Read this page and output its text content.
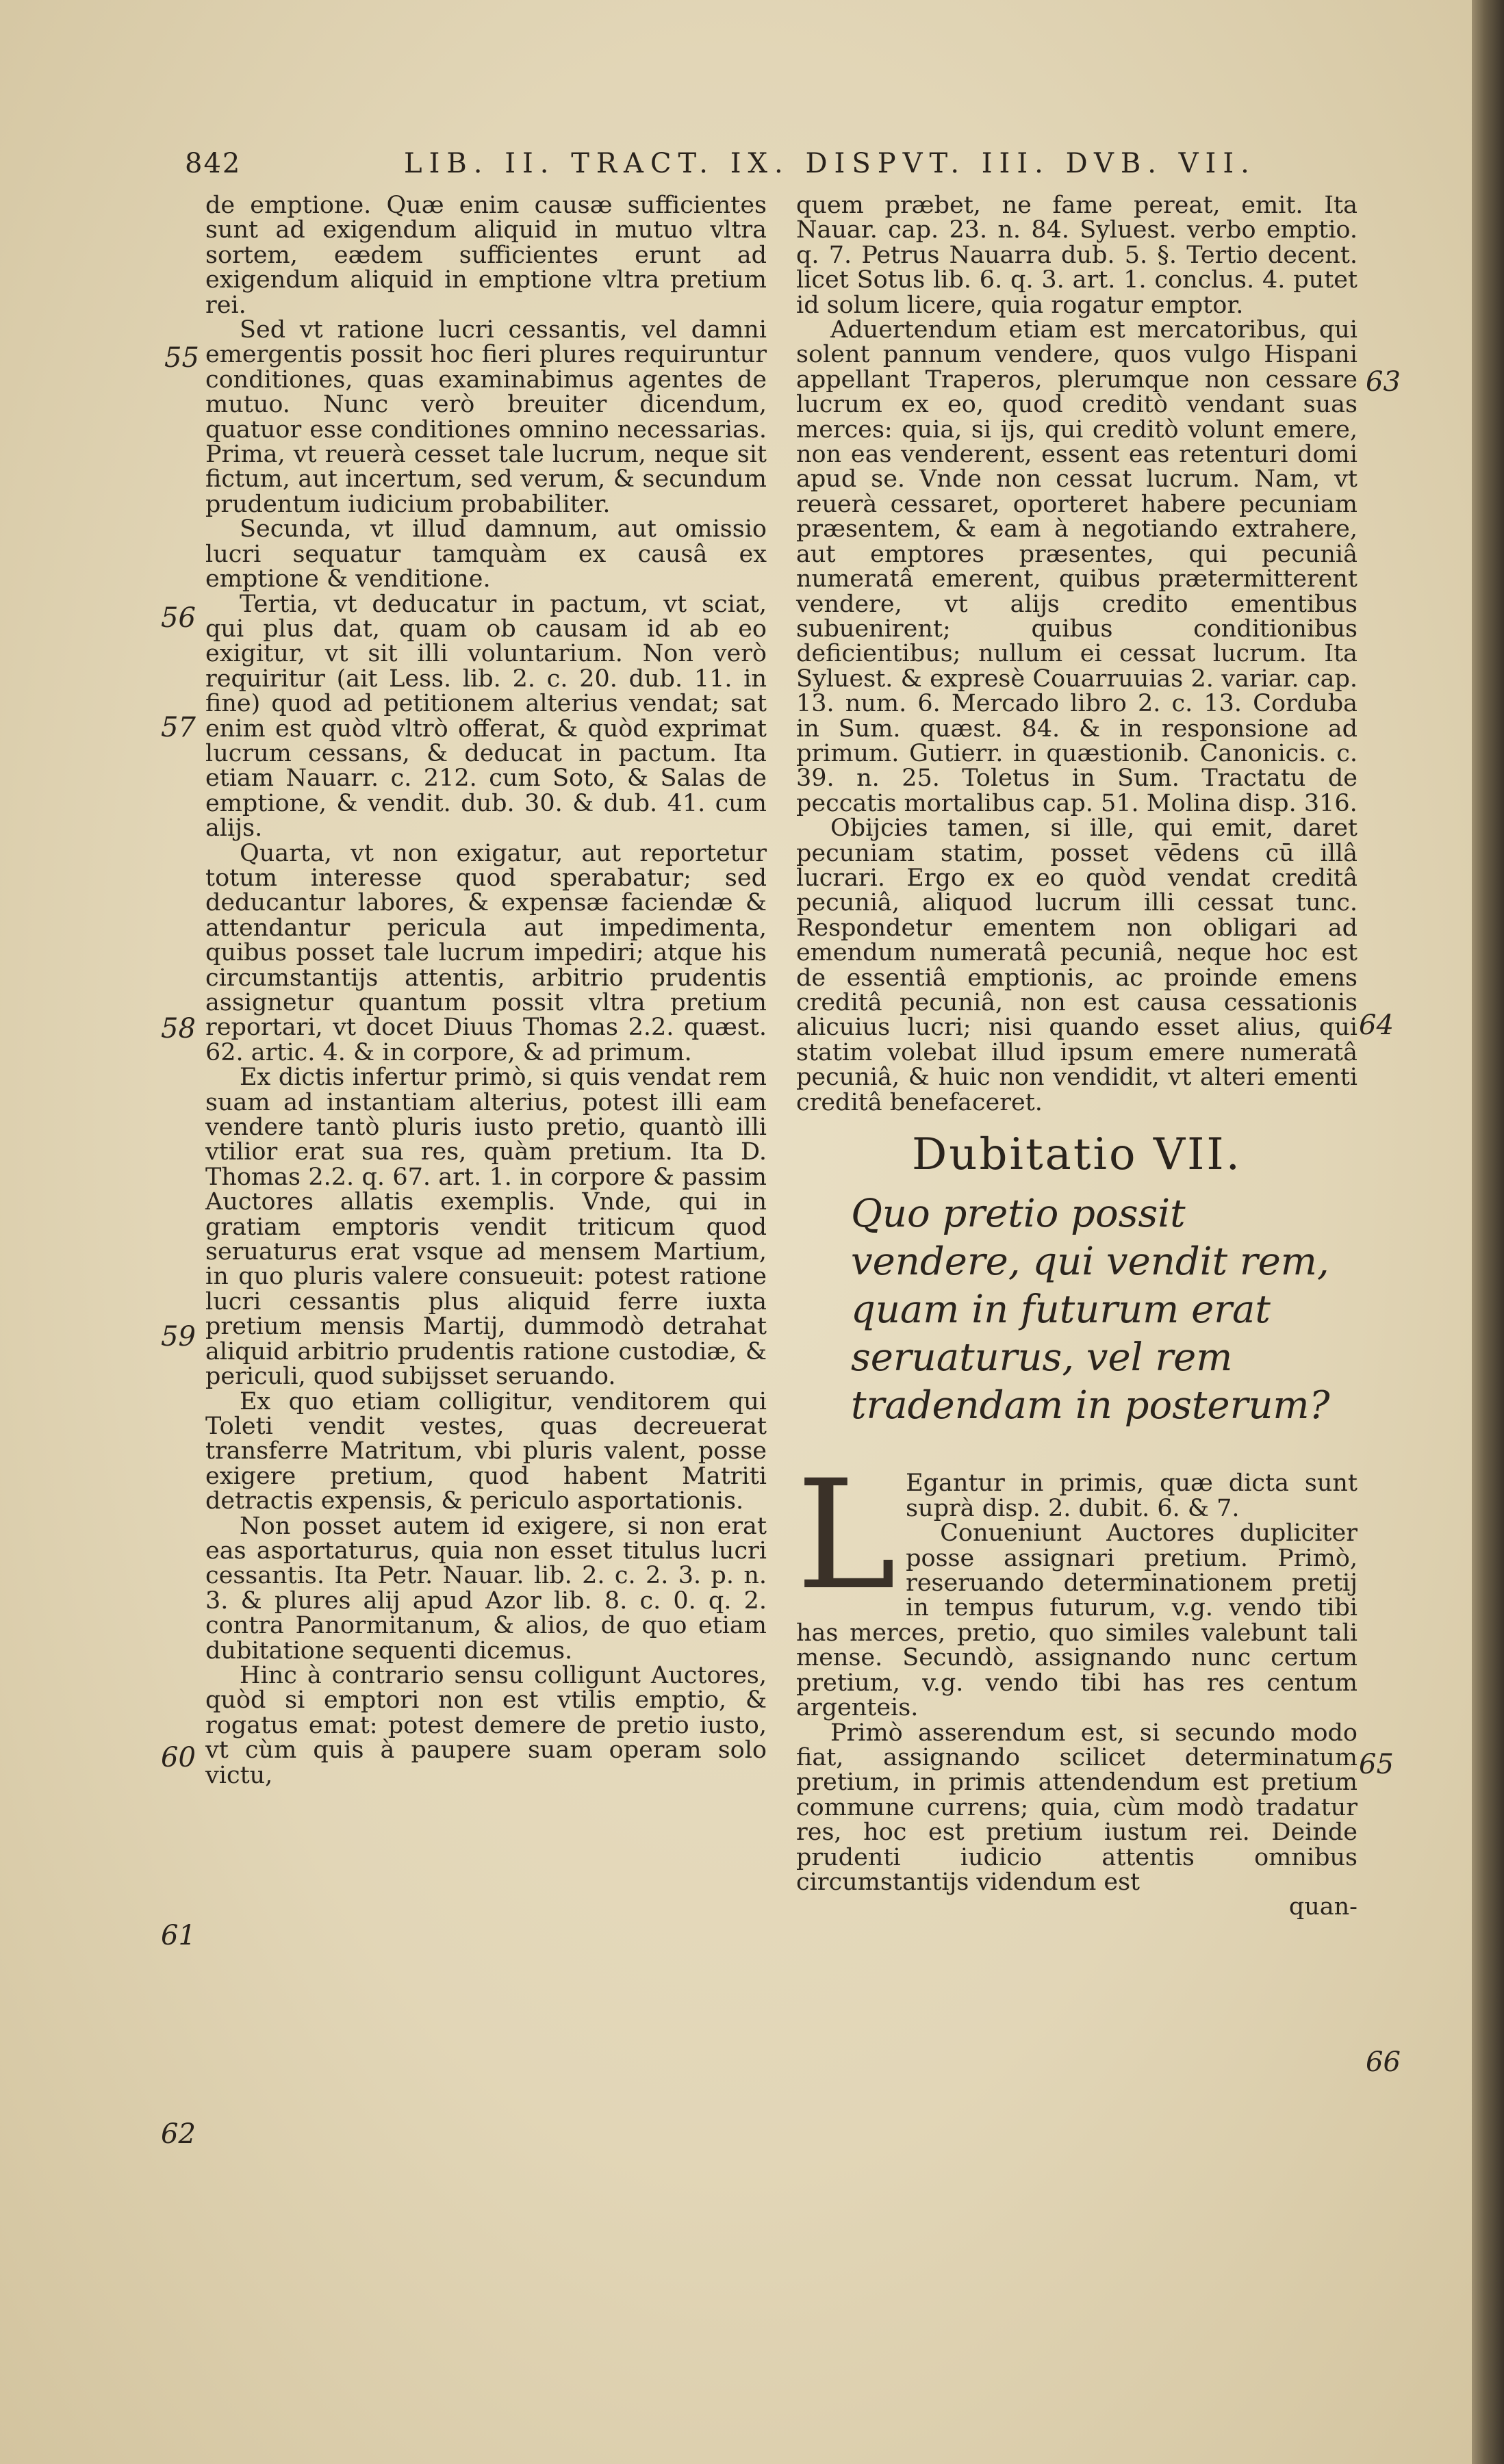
842	LIB. II. TRACT. IX. DISPVT. III. DVB. VII.
55
56
57
58
59
60
61
62
63
64
65
66

de emptione. Quæ enim causæ sufficientes sunt ad exigendum aliquid in mutuo vltra sortem, eædem sufficientes erunt ad exigendum aliquid in emptione vltra pretium rei.

Sed vt ratione lucri cessantis, vel damni emergentis possit hoc fieri plures requiruntur conditiones, quas examinabimus agentes de mutuo. Nunc verò breuiter dicendum, quatuor esse conditiones omnino necessarias. Prima, vt reuerà cesset tale lucrum, neque sit fictum, aut incertum, sed verum, & secundum prudentum iudicium probabiliter.

Secunda, vt illud damnum, aut omissio lucri sequatur tamquàm ex causâ ex emptione & venditione.

Tertia, vt deducatur in pactum, vt sciat, qui plus dat, quam ob causam id ab eo exigitur, vt sit illi voluntarium. Non verò requiritur (ait Less. lib. 2. c. 20. dub. 11. in fine) quod ad petitionem alterius vendat; sat enim est quòd vltrò offerat, & quòd exprimat lucrum cessans, & deducat in pactum. Ita etiam Nauarr. c. 212. cum Soto, & Salas de emptione, & vendit. dub. 30. & dub. 41. cum alijs.

Quarta, vt non exigatur, aut reportetur totum interesse quod sperabatur; sed deducantur labores, & expensæ faciendæ & attendantur pericula aut impedimenta, quibus posset tale lucrum impediri; atque his circumstantijs attentis, arbitrio prudentis assignetur quantum possit vltra pretium reportari, vt docet Diuus Thomas 2.2. quæst. 62. artic. 4. & in corpore, & ad primum.

Ex dictis infertur primò, si quis vendat rem suam ad instantiam alterius, potest illi eam vendere tantò pluris iusto pretio, quantò illi vtilior erat sua res, quàm pretium. Ita D. Thomas 2.2. q. 67. art. 1. in corpore & passim Auctores allatis exemplis. Vnde, qui in gratiam emptoris vendit triticum quod seruaturus erat vsque ad mensem Martium, in quo pluris valere consueuit: potest ratione lucri cessantis plus aliquid ferre iuxta pretium mensis Martij, dummodò detrahat aliquid arbitrio prudentis ratione custodiæ, & periculi, quod subijsset seruando.

Ex quo etiam colligitur, venditorem qui Toleti vendit vestes, quas decreuerat transferre Matritum, vbi pluris valent, posse exigere pretium, quod habent Matriti detractis expensis, & periculo asportationis.

Non posset autem id exigere, si non erat eas asportaturus, quia non esset titulus lucri cessantis. Ita Petr. Nauar. lib. 2. c. 2. 3. p. n. 3. & plures alij apud Azor lib. 8. c. 0. q. 2. contra Panormitanum, & alios, de quo etiam dubitatione sequenti dicemus.

Hinc à contrario sensu colligunt Auctores, quòd si emptori non est vtilis emptio, & rogatus emat: potest demere de pretio iusto, vt cùm quis à paupere suam operam solo victu,

quem præbet, ne fame pereat, emit. Ita Nauar. cap. 23. n. 84. Syluest. verbo emptio. q. 7. Petrus Nauarra dub. 5. §. Tertio decent. licet Sotus lib. 6. q. 3. art. 1. conclus. 4. putet id solum licere, quia rogatur emptor.

Aduertendum etiam est mercatoribus, qui solent pannum vendere, quos vulgo Hispani appellant Traperos, plerumque non cessare lucrum ex eo, quod creditò vendant suas merces: quia, si ijs, qui creditò volunt emere, non eas venderent, essent eas retenturi domi apud se. Vnde non cessat lucrum. Nam, vt reuerà cessaret, oporteret habere pecuniam præsentem, & eam à negotiando extrahere, aut emptores præsentes, qui pecuniâ numeratâ emerent, quibus prætermitterent vendere, vt alijs credito ementibus subuenirent; quibus conditionibus deficientibus; nullum ei cessat lucrum. Ita Syluest. & expresè Couarruuias 2. variar. cap. 13. num. 6. Mercado libro 2. c. 13. Corduba in Sum. quæst. 84. & in responsione ad primum. Gutierr. in quæstionib. Canonicis. c. 39. n. 25. Toletus in Sum. Tractatu de peccatis mortalibus cap. 51. Molina disp. 316.

Obijcies tamen, si ille, qui emit, daret pecuniam statim, posset vēdens cū illâ lucrari. Ergo ex eo quòd vendat creditâ pecuniâ, aliquod lucrum illi cessat tunc. Respondetur ementem non obligari ad emendum numeratâ pecuniâ, neque hoc est de essentiâ emptionis, ac proinde emens creditâ pecuniâ, non est causa cessationis alicuius lucri; nisi quando esset alius, qui statim volebat illud ipsum emere numeratâ pecuniâ, & huic non vendidit, vt alteri ementi creditâ benefaceret.

Dubitatio VII.
Quo pretio possit vendere, qui vendit rem, quam in futurum erat seruaturus, vel rem tradendam in posterum?

L Egantur in primis, quæ dicta sunt suprà disp. 2. dubit. 6. & 7.

Conueniunt Auctores dupliciter posse assignari pretium. Primò, reseruando determinationem pretij in tempus futurum, v.g. vendo tibi has merces, pretio, quo similes valebunt tali mense. Secundò, assignando nunc certum pretium, v.g. vendo tibi has res centum argenteis.

Primò asserendum est, si secundo modo fiat, assignando scilicet determinatum pretium, in primis attendendum est pretium commune currens; quia, cùm modò tradatur res, hoc est pretium iustum rei. Deinde prudenti iudicio attentis omnibus circumstantijs videndum est

quan-
